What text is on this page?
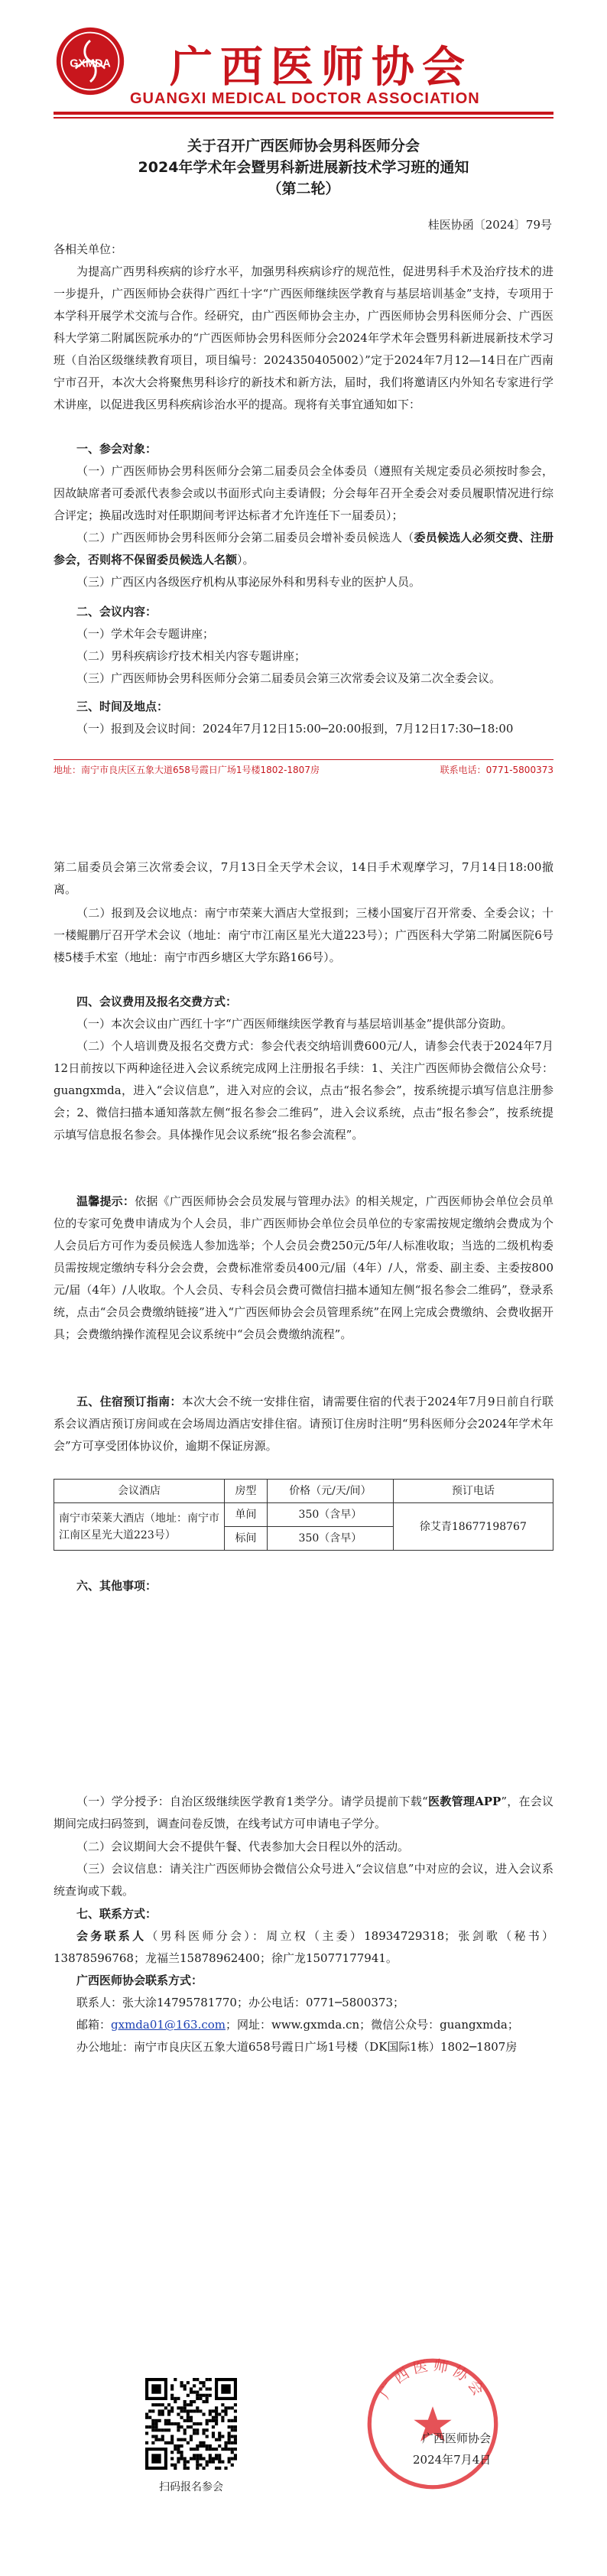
GXMDA 广西医师协会
GUANGXI MEDICAL DOCTOR ASSOCIATION
关于召开广西医师协会男科医师分会
2024年学术年会暨男科新进展新技术学习班的通知
（第二轮）
桂医协函〔2024〕79号
各相关单位：
为提高广西男科疾病的诊疗水平，加强男科疾病诊疗的规范性，促进男科手术及治疗技术的进一步提升，广西医师协会获得广西红十字“广西医师继续医学教育与基层培训基金”支持，专项用于本学科开展学术交流与合作。经研究，由广西医师协会主办，广西医师协会男科医师分会、广西医科大学第二附属医院承办的“广西医师协会男科医师分会2024年学术年会暨男科新进展新技术学习班（自治区级继续教育项目，项目编号：2024350405002）”定于2024年7月12—14日在广西南宁市召开，本次大会将聚焦男科诊疗的新技术和新方法，届时，我们将邀请区内外知名专家进行学术讲座，以促进我区男科疾病诊治水平的提高。现将有关事宜通知如下：
一、参会对象：
（一）广西医师协会男科医师分会第二届委员会全体委员（遵照有关规定委员必须按时参会，因故缺席者可委派代表参会或以书面形式向主委请假；分会每年召开全委会对委员履职情况进行综合评定；换届改选时对任职期间考评达标者才允许连任下一届委员）；
（二）广西医师协会男科医师分会第二届委员会增补委员候选人（委员候选人必须交费、注册参会，否则将不保留委员候选人名额）。
（三）广西区内各级医疗机构从事泌尿外科和男科专业的医护人员。
二、会议内容：
（一）学术年会专题讲座；
（二）男科疾病诊疗技术相关内容专题讲座；
（三）广西医师协会男科医师分会第二届委员会第三次常委会议及第二次全委会议。
三、时间及地点：
（一）报到及会议时间：2024年7月12日15:00─20:00报到，7月12日17:30─18:00
地址：南宁市良庆区五象大道658号霞日广场1号楼1802-1807房	联系电话：0771-5800373
第二届委员会第三次常委会议，7月13日全天学术会议，14日手术观摩学习，7月14日18:00撤离。
（二）报到及会议地点：南宁市荣莱大酒店大堂报到；三楼小国宴厅召开常委、全委会议；十一楼鲲鹏厅召开学术会议（地址：南宁市江南区星光大道223号）；广西医科大学第二附属医院6号楼5楼手术室（地址：南宁市西乡塘区大学东路166号）。
四、会议费用及报名交费方式：
（一）本次会议由广西红十字“广西医师继续医学教育与基层培训基金”提供部分资助。
（二）个人培训费及报名交费方式：参会代表交纳培训费600元/人，请参会代表于2024年7月12日前按以下两种途径进入会议系统完成网上注册报名手续：1、关注广西医师协会微信公众号：guangxmda，进入“会议信息”，进入对应的会议，点击“报名参会”，按系统提示填写信息注册参会；2、微信扫描本通知落款左侧“报名参会二维码”，进入会议系统，点击“报名参会”，按系统提示填写信息报名参会。具体操作见会议系统“报名参会流程”。
温馨提示：依据《广西医师协会会员发展与管理办法》的相关规定，广西医师协会单位会员单位的专家可免费申请成为个人会员，非广西医师协会单位会员单位的专家需按规定缴纳会费成为个人会员后方可作为委员候选人参加选举；个人会员会费250元/5年/人标准收取；当选的二级机构委员需按规定缴纳专科分会会费，会费标准常委员400元/届（4年）/人，常委、副主委、主委按800元/届（4年）/人收取。个人会员、专科会员会费可微信扫描本通知左侧“报名参会二维码”，登录系统，点击“会员会费缴纳链接”进入“广西医师协会会员管理系统”在网上完成会费缴纳、会费收据开具；会费缴纳操作流程见会议系统中“会员会费缴纳流程”。
五、住宿预订指南：本次大会不统一安排住宿，请需要住宿的代表于2024年7月9日前自行联系会议酒店预订房间或在会场周边酒店安排住宿。请预订住房时注明“男科医师分会2024年学术年会”方可享受团体协议价，逾期不保证房源。
会议酒店	房型	价格（元/天/间）	预订电话
南宁市荣莱大酒店（地址：南宁市江南区星光大道223号）	单间	350（含早）	徐艾青18677198767
	标间	350（含早）	
六、其他事项：
（一）学分授予：自治区级继续医学教育1类学分。请学员提前下载“医教管理APP”，在会议期间完成扫码签到，调查问卷反馈，在线考试方可申请电子学分。
（二）会议期间大会不提供午餐、代表参加大会日程以外的活动。
（三）会议信息：请关注广西医师协会微信公众号进入“会议信息”中对应的会议，进入会议系统查询或下载。
七、联系方式：
会务联系人（男科医师分会）：周立权（主委）18934729318；张剑歌（秘书）13878596768；龙福兰15878962400；徐广龙15077177941。
广西医师协会联系方式：
联系人：张大涂14795781770；办公电话：0771─5800373；
邮箱：gxmda01@163.com；网址：www.gxmda.cn；微信公众号：guangxmda；
办公地址：南宁市良庆区五象大道658号霞日广场1号楼（DK国际1栋）1802─1807房
扫码报名参会
广西医师协会
广西医师协会
2024年7月4日
